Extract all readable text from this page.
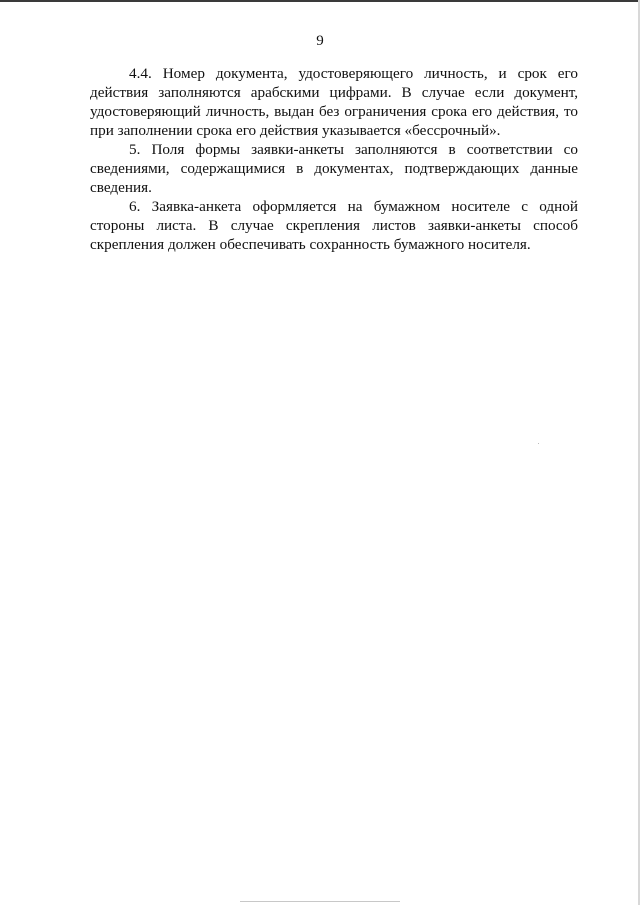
9

4.4. Номер документа, удостоверяющего личность, и срок его действия заполняются арабскими цифрами. В случае если документ, удостоверяющий личность, выдан без ограничения срока его действия, то при заполнении срока его действия указывается «бессрочный».

5. Поля формы заявки-анкеты заполняются в соответствии со сведениями, содержащимися в документах, подтверждающих данные сведения.

6. Заявка-анкета оформляется на бумажном носителе с одной стороны листа. В случае скрепления листов заявки-анкеты способ скрепления должен обеспечивать сохранность бумажного носителя.
